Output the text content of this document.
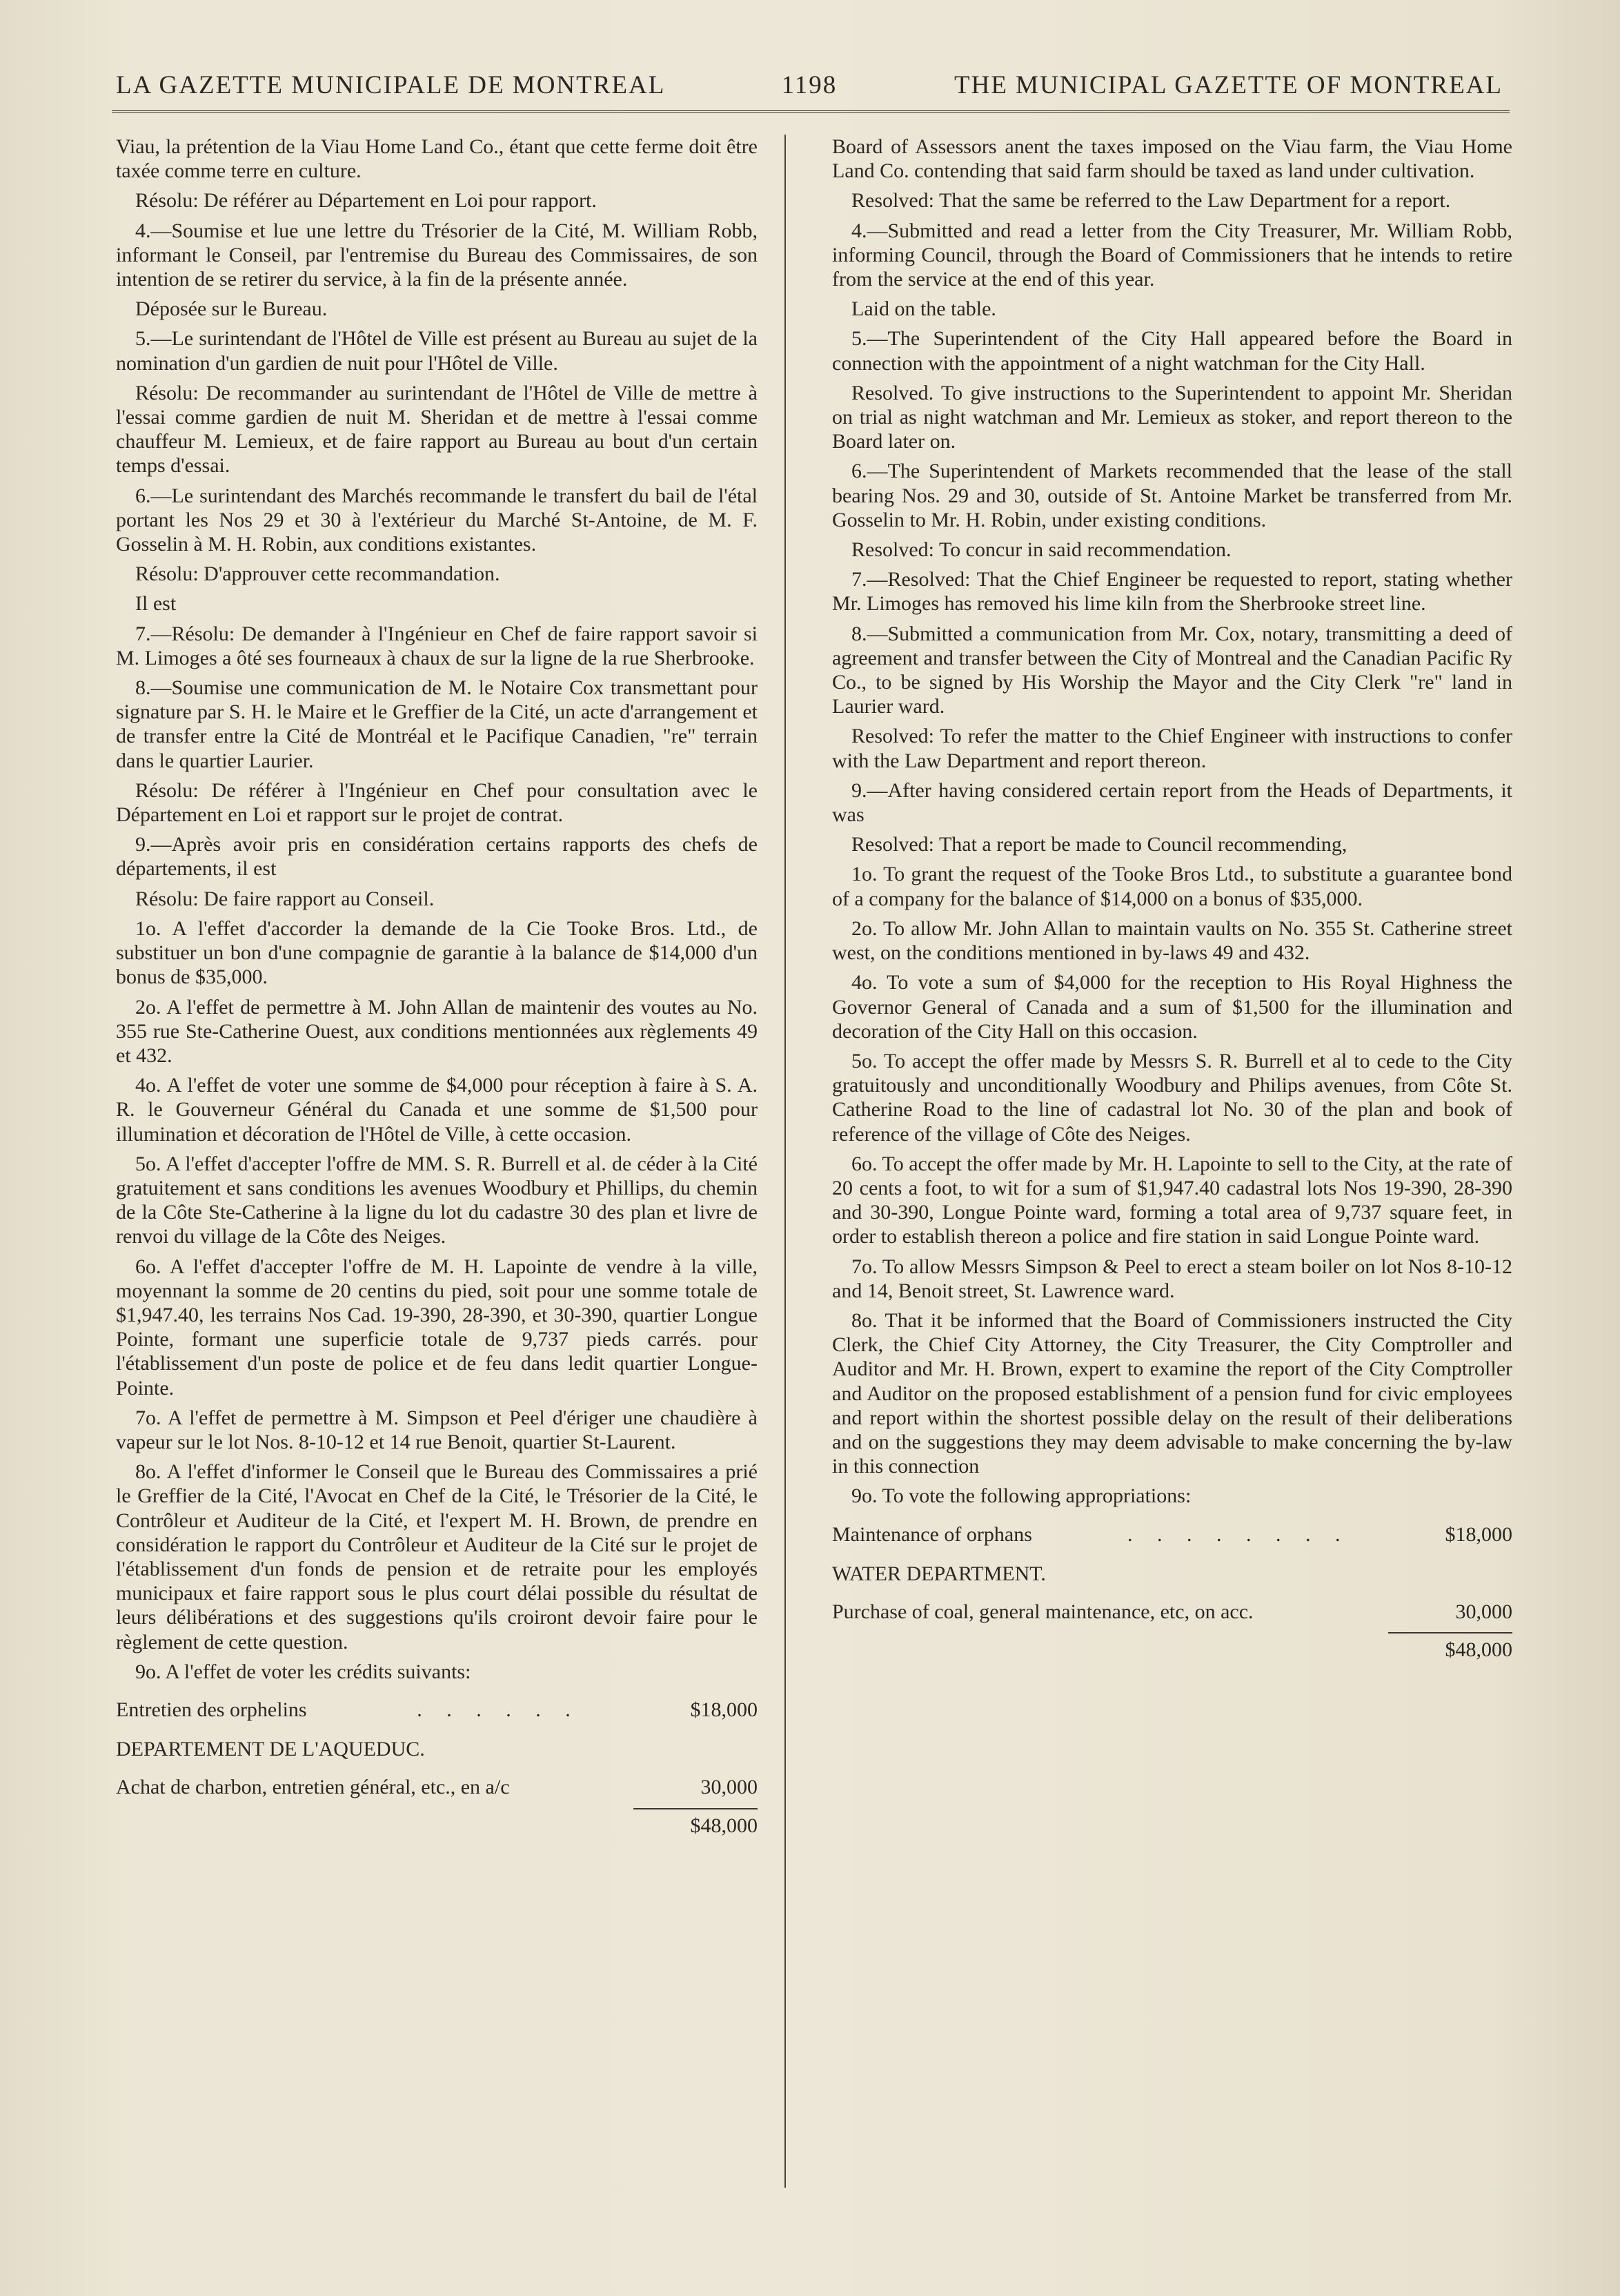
LA GAZETTE MUNICIPALE DE MONTREAL	1198	THE MUNICIPAL GAZETTE OF MONTREAL

Viau, la prétention de la Viau Home Land Co., étant que cette ferme doit être taxée comme terre en culture.

Résolu: De référer au Département en Loi pour rapport.

4.—Soumise et lue une lettre du Trésorier de la Cité, M. William Robb, informant le Conseil, par l'entremise du Bureau des Commissaires, de son intention de se retirer du service, à la fin de la présente année.

Déposée sur le Bureau.

5.—Le surintendant de l'Hôtel de Ville est présent au Bureau au sujet de la nomination d'un gardien de nuit pour l'Hôtel de Ville.

Résolu: De recommander au surintendant de l'Hôtel de Ville de mettre à l'essai comme gardien de nuit M. Sheridan et de mettre à l'essai comme chauffeur M. Lemieux, et de faire rapport au Bureau au bout d'un certain temps d'essai.

6.—Le surintendant des Marchés recommande le transfert du bail de l'étal portant les Nos 29 et 30 à l'extérieur du Marché St-Antoine, de M. F. Gosselin à M. H. Robin, aux conditions existantes.

Résolu: D'approuver cette recommandation.

Il est

7.—Résolu: De demander à l'Ingénieur en Chef de faire rapport savoir si M. Limoges a ôté ses fourneaux à chaux de sur la ligne de la rue Sherbrooke.

8.—Soumise une communication de M. le Notaire Cox transmettant pour signature par S. H. le Maire et le Greffier de la Cité, un acte d'arrangement et de transfer entre la Cité de Montréal et le Pacifique Canadien, "re" terrain dans le quartier Laurier.

Résolu: De référer à l'Ingénieur en Chef pour consultation avec le Département en Loi et rapport sur le projet de contrat.

9.—Après avoir pris en considération certains rapports des chefs de départements, il est

Résolu: De faire rapport au Conseil.

1o. A l'effet d'accorder la demande de la Cie Tooke Bros. Ltd., de substituer un bon d'une compagnie de garantie à la balance de $14,000 d'un bonus de $35,000.

2o. A l'effet de permettre à M. John Allan de maintenir des voutes au No. 355 rue Ste-Catherine Ouest, aux conditions mentionnées aux règlements 49 et 432.

4o. A l'effet de voter une somme de $4,000 pour réception à faire à S. A. R. le Gouverneur Général du Canada et une somme de $1,500 pour illumination et décoration de l'Hôtel de Ville, à cette occasion.

5o. A l'effet d'accepter l'offre de MM. S. R. Burrell et al. de céder à la Cité gratuitement et sans conditions les avenues Woodbury et Phillips, du chemin de la Côte Ste-Catherine à la ligne du lot du cadastre 30 des plan et livre de renvoi du village de la Côte des Neiges.

6o. A l'effet d'accepter l'offre de M. H. Lapointe de vendre à la ville, moyennant la somme de 20 centins du pied, soit pour une somme totale de $1,947.40, les terrains Nos Cad. 19-390, 28-390, et 30-390, quartier Longue Pointe, formant une superficie totale de 9,737 pieds carrés. pour l'établissement d'un poste de police et de feu dans ledit quartier Longue-Pointe.

7o. A l'effet de permettre à M. Simpson et Peel d'ériger une chaudière à vapeur sur le lot Nos. 8-10-12 et 14 rue Benoit, quartier St-Laurent.

8o. A l'effet d'informer le Conseil que le Bureau des Commissaires a prié le Greffier de la Cité, l'Avocat en Chef de la Cité, le Trésorier de la Cité, le Contrôleur et Auditeur de la Cité, et l'expert M. H. Brown, de prendre en considération le rapport du Contrôleur et Auditeur de la Cité sur le projet de l'établissement d'un fonds de pension et de retraite pour les employés municipaux et faire rapport sous le plus court délai possible du résultat de leurs délibérations et des suggestions qu'ils croiront devoir faire pour le règlement de cette question.

9o. A l'effet de voter les crédits suivants:

Entretien des orphelins	. . . . . .	$18,000
DEPARTEMENT DE L'AQUEDUC.
Achat de charbon, entretien général, etc., en a/c	30,000
$48,000

Board of Assessors anent the taxes imposed on the Viau farm, the Viau Home Land Co. contending that said farm should be taxed as land under cultivation.

Resolved: That the same be referred to the Law Department for a report.

4.—Submitted and read a letter from the City Treasurer, Mr. William Robb, informing Council, through the Board of Commissioners that he intends to retire from the service at the end of this year.

Laid on the table.

5.—The Superintendent of the City Hall appeared before the Board in connection with the appointment of a night watchman for the City Hall.

Resolved. To give instructions to the Superintendent to appoint Mr. Sheridan on trial as night watchman and Mr. Lemieux as stoker, and report thereon to the Board later on.

6.—The Superintendent of Markets recommended that the lease of the stall bearing Nos. 29 and 30, outside of St. Antoine Market be transferred from Mr. Gosselin to Mr. H. Robin, under existing conditions.

Resolved: To concur in said recommendation.

7.—Resolved: That the Chief Engineer be requested to report, stating whether Mr. Limoges has removed his lime kiln from the Sherbrooke street line.

8.—Submitted a communication from Mr. Cox, notary, transmitting a deed of agreement and transfer between the City of Montreal and the Canadian Pacific Ry Co., to be signed by His Worship the Mayor and the City Clerk "re" land in Laurier ward.

Resolved: To refer the matter to the Chief Engineer with instructions to confer with the Law Department and report thereon.

9.—After having considered certain report from the Heads of Departments, it was

Resolved: That a report be made to Council recommending,

1o. To grant the request of the Tooke Bros Ltd., to substitute a guarantee bond of a company for the balance of $14,000 on a bonus of $35,000.

2o. To allow Mr. John Allan to maintain vaults on No. 355 St. Catherine street west, on the conditions mentioned in by-laws 49 and 432.

4o. To vote a sum of $4,000 for the reception to His Royal Highness the Governor General of Canada and a sum of $1,500 for the illumination and decoration of the City Hall on this occasion.

5o. To accept the offer made by Messrs S. R. Burrell et al to cede to the City gratuitously and unconditionally Woodbury and Philips avenues, from Côte St. Catherine Road to the line of cadastral lot No. 30 of the plan and book of reference of the village of Côte des Neiges.

6o. To accept the offer made by Mr. H. Lapointe to sell to the City, at the rate of 20 cents a foot, to wit for a sum of $1,947.40 cadastral lots Nos 19-390, 28-390 and 30-390, Longue Pointe ward, forming a total area of 9,737 square feet, in order to establish thereon a police and fire station in said Longue Pointe ward.

7o. To allow Messrs Simpson & Peel to erect a steam boiler on lot Nos 8-10-12 and 14, Benoit street, St. Lawrence ward.

8o. That it be informed that the Board of Commissioners instructed the City Clerk, the Chief City Attorney, the City Treasurer, the City Comptroller and Auditor and Mr. H. Brown, expert to examine the report of the City Comptroller and Auditor on the proposed establishment of a pension fund for civic employees and report within the shortest possible delay on the result of their deliberations and on the suggestions they may deem advisable to make concerning the by-law in this connection

9o. To vote the following appropriations:

Maintenance of orphans	. . . . . . . .	$18,000
WATER DEPARTMENT.
Purchase of coal, general maintenance, etc, on acc.	30,000
$48,000
